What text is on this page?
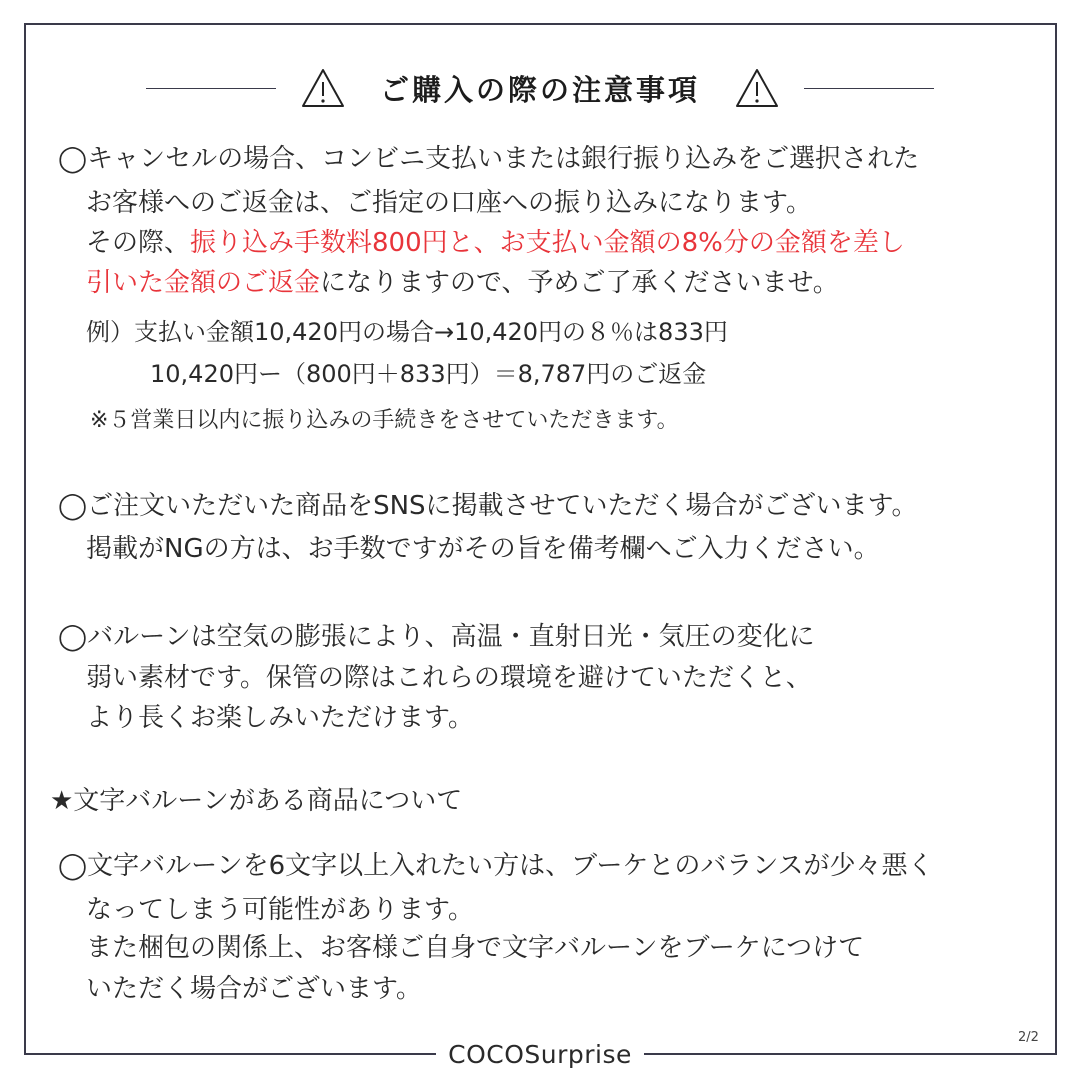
ご購入の際の注意事項
◯キャンセルの場合、コンビニ支払いまたは銀行振り込みをご選択された
お客様へのご返金は、ご指定の口座への振り込みになります。
その際、振り込み手数料800円と、お支払い金額の8%分の金額を差し
引いた金額のご返金になりますので、予めご了承くださいませ。
例）支払い金額10,420円の場合→10,420円の８％は833円
10,420円ー（800円＋833円）＝8,787円のご返金
※５営業日以内に振り込みの手続きをさせていただきます。
◯ご注文いただいた商品をSNSに掲載させていただく場合がございます。
掲載がNGの方は、お手数ですがその旨を備考欄へご入力ください。
◯バルーンは空気の膨張により、高温・直射日光・気圧の変化に
弱い素材です。保管の際はこれらの環境を避けていただくと、
より長くお楽しみいただけます。
★文字バルーンがある商品について
◯文字バルーンを6文字以上入れたい方は、ブーケとのバランスが少々悪く
なってしまう可能性があります。
また梱包の関係上、お客様ご自身で文字バルーンをブーケにつけて
いただく場合がございます。
2/2
COCOSurprise
